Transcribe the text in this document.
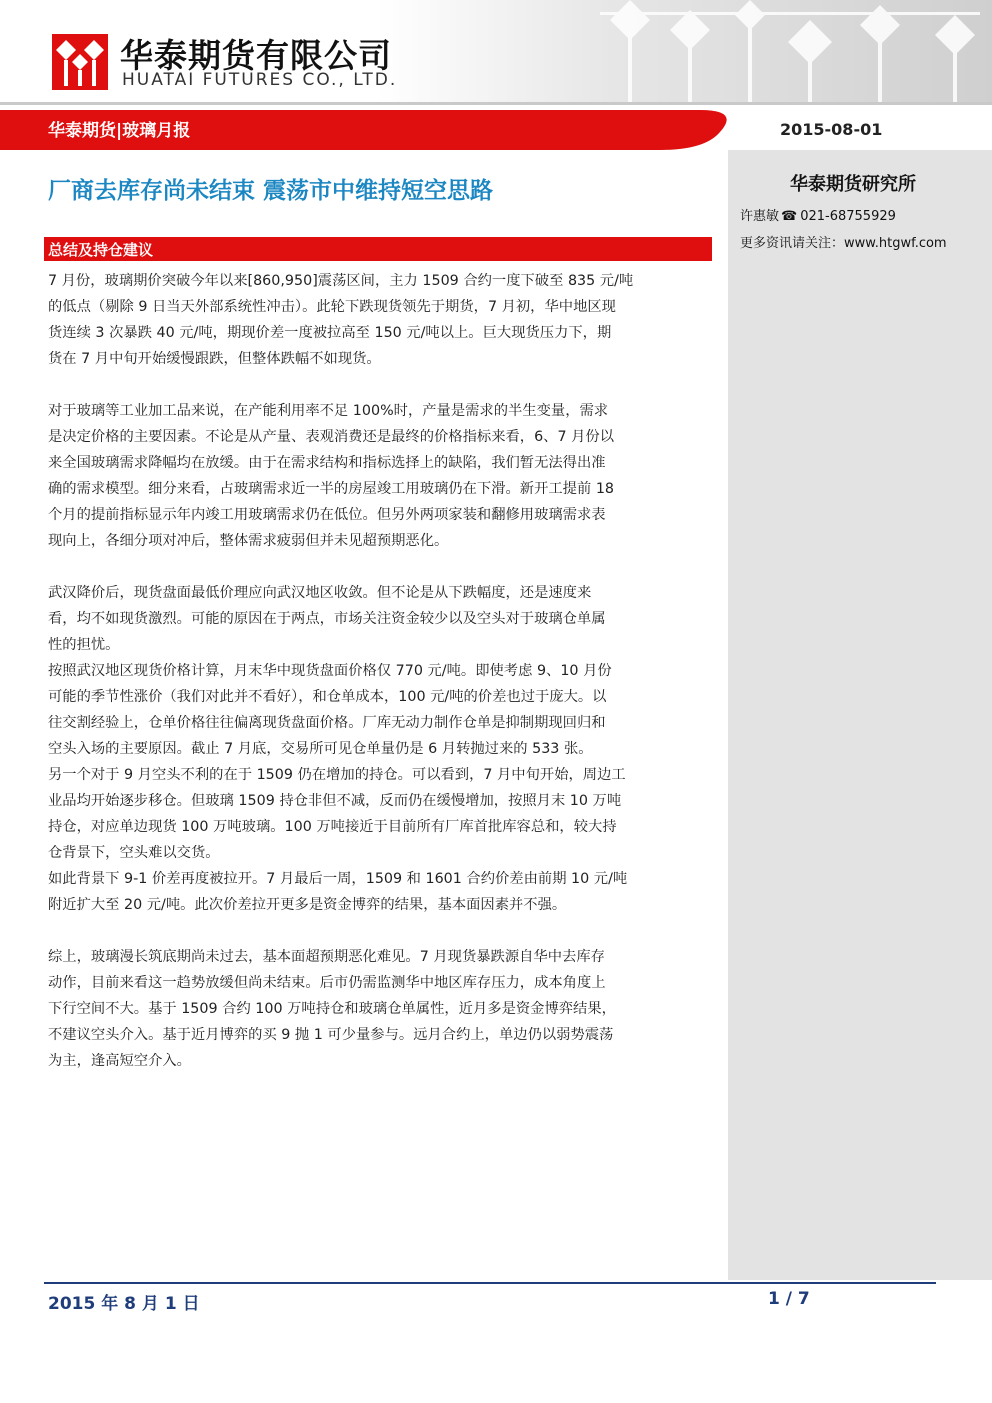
华泰期货有限公司
HUATAI FUTURES CO., LTD.
华泰期货|玻璃月报	2015-08-01
华泰期货研究所
许惠敏 ☎ 021-68755929
更多资讯请关注：www.htgwf.com
厂商去库存尚未结束 震荡市中维持短空思路
总结及持仓建议

7 月份，玻璃期价突破今年以来[860,950]震荡区间，主力 1509 合约一度下破至 835 元/吨

的低点（剔除 9 日当天外部系统性冲击）。此轮下跌现货领先于期货，7 月初，华中地区现

货连续 3 次暴跌 40 元/吨，期现价差一度被拉高至 150 元/吨以上。巨大现货压力下，期

货在 7 月中旬开始缓慢跟跌，但整体跌幅不如现货。

对于玻璃等工业加工品来说，在产能利用率不足 100%时，产量是需求的半生变量，需求

是决定价格的主要因素。不论是从产量、表观消费还是最终的价格指标来看，6、7 月份以

来全国玻璃需求降幅均在放缓。由于在需求结构和指标选择上的缺陷，我们暂无法得出准

确的需求模型。细分来看，占玻璃需求近一半的房屋竣工用玻璃仍在下滑。新开工提前 18

个月的提前指标显示年内竣工用玻璃需求仍在低位。但另外两项家装和翻修用玻璃需求表

现向上，各细分项对冲后，整体需求疲弱但并未见超预期恶化。

武汉降价后，现货盘面最低价理应向武汉地区收敛。但不论是从下跌幅度，还是速度来

看，均不如现货激烈。可能的原因在于两点，市场关注资金较少以及空头对于玻璃仓单属

性的担忧。

按照武汉地区现货价格计算，月末华中现货盘面价格仅 770 元/吨。即使考虑 9、10 月份

可能的季节性涨价（我们对此并不看好），和仓单成本，100 元/吨的价差也过于庞大。以

往交割经验上，仓单价格往往偏离现货盘面价格。厂库无动力制作仓单是抑制期现回归和

空头入场的主要原因。截止 7 月底，交易所可见仓单量仍是 6 月转抛过来的 533 张。

另一个对于 9 月空头不利的在于 1509 仍在增加的持仓。可以看到，7 月中旬开始，周边工

业品均开始逐步移仓。但玻璃 1509 持仓非但不减，反而仍在缓慢增加，按照月末 10 万吨

持仓，对应单边现货 100 万吨玻璃。100 万吨接近于目前所有厂库首批库容总和，较大持

仓背景下，空头难以交货。

如此背景下 9-1 价差再度被拉开。7 月最后一周，1509 和 1601 合约价差由前期 10 元/吨

附近扩大至 20 元/吨。此次价差拉开更多是资金博弈的结果，基本面因素并不强。

综上，玻璃漫长筑底期尚未过去，基本面超预期恶化难见。7 月现货暴跌源自华中去库存

动作，目前来看这一趋势放缓但尚未结束。后市仍需监测华中地区库存压力，成本角度上

下行空间不大。基于 1509 合约 100 万吨持仓和玻璃仓单属性，近月多是资金博弈结果，

不建议空头介入。基于近月博弈的买 9 抛 1 可少量参与。远月合约上，单边仍以弱势震荡

为主，逢高短空介入。

2015 年 8 月 1 日	1 / 7
